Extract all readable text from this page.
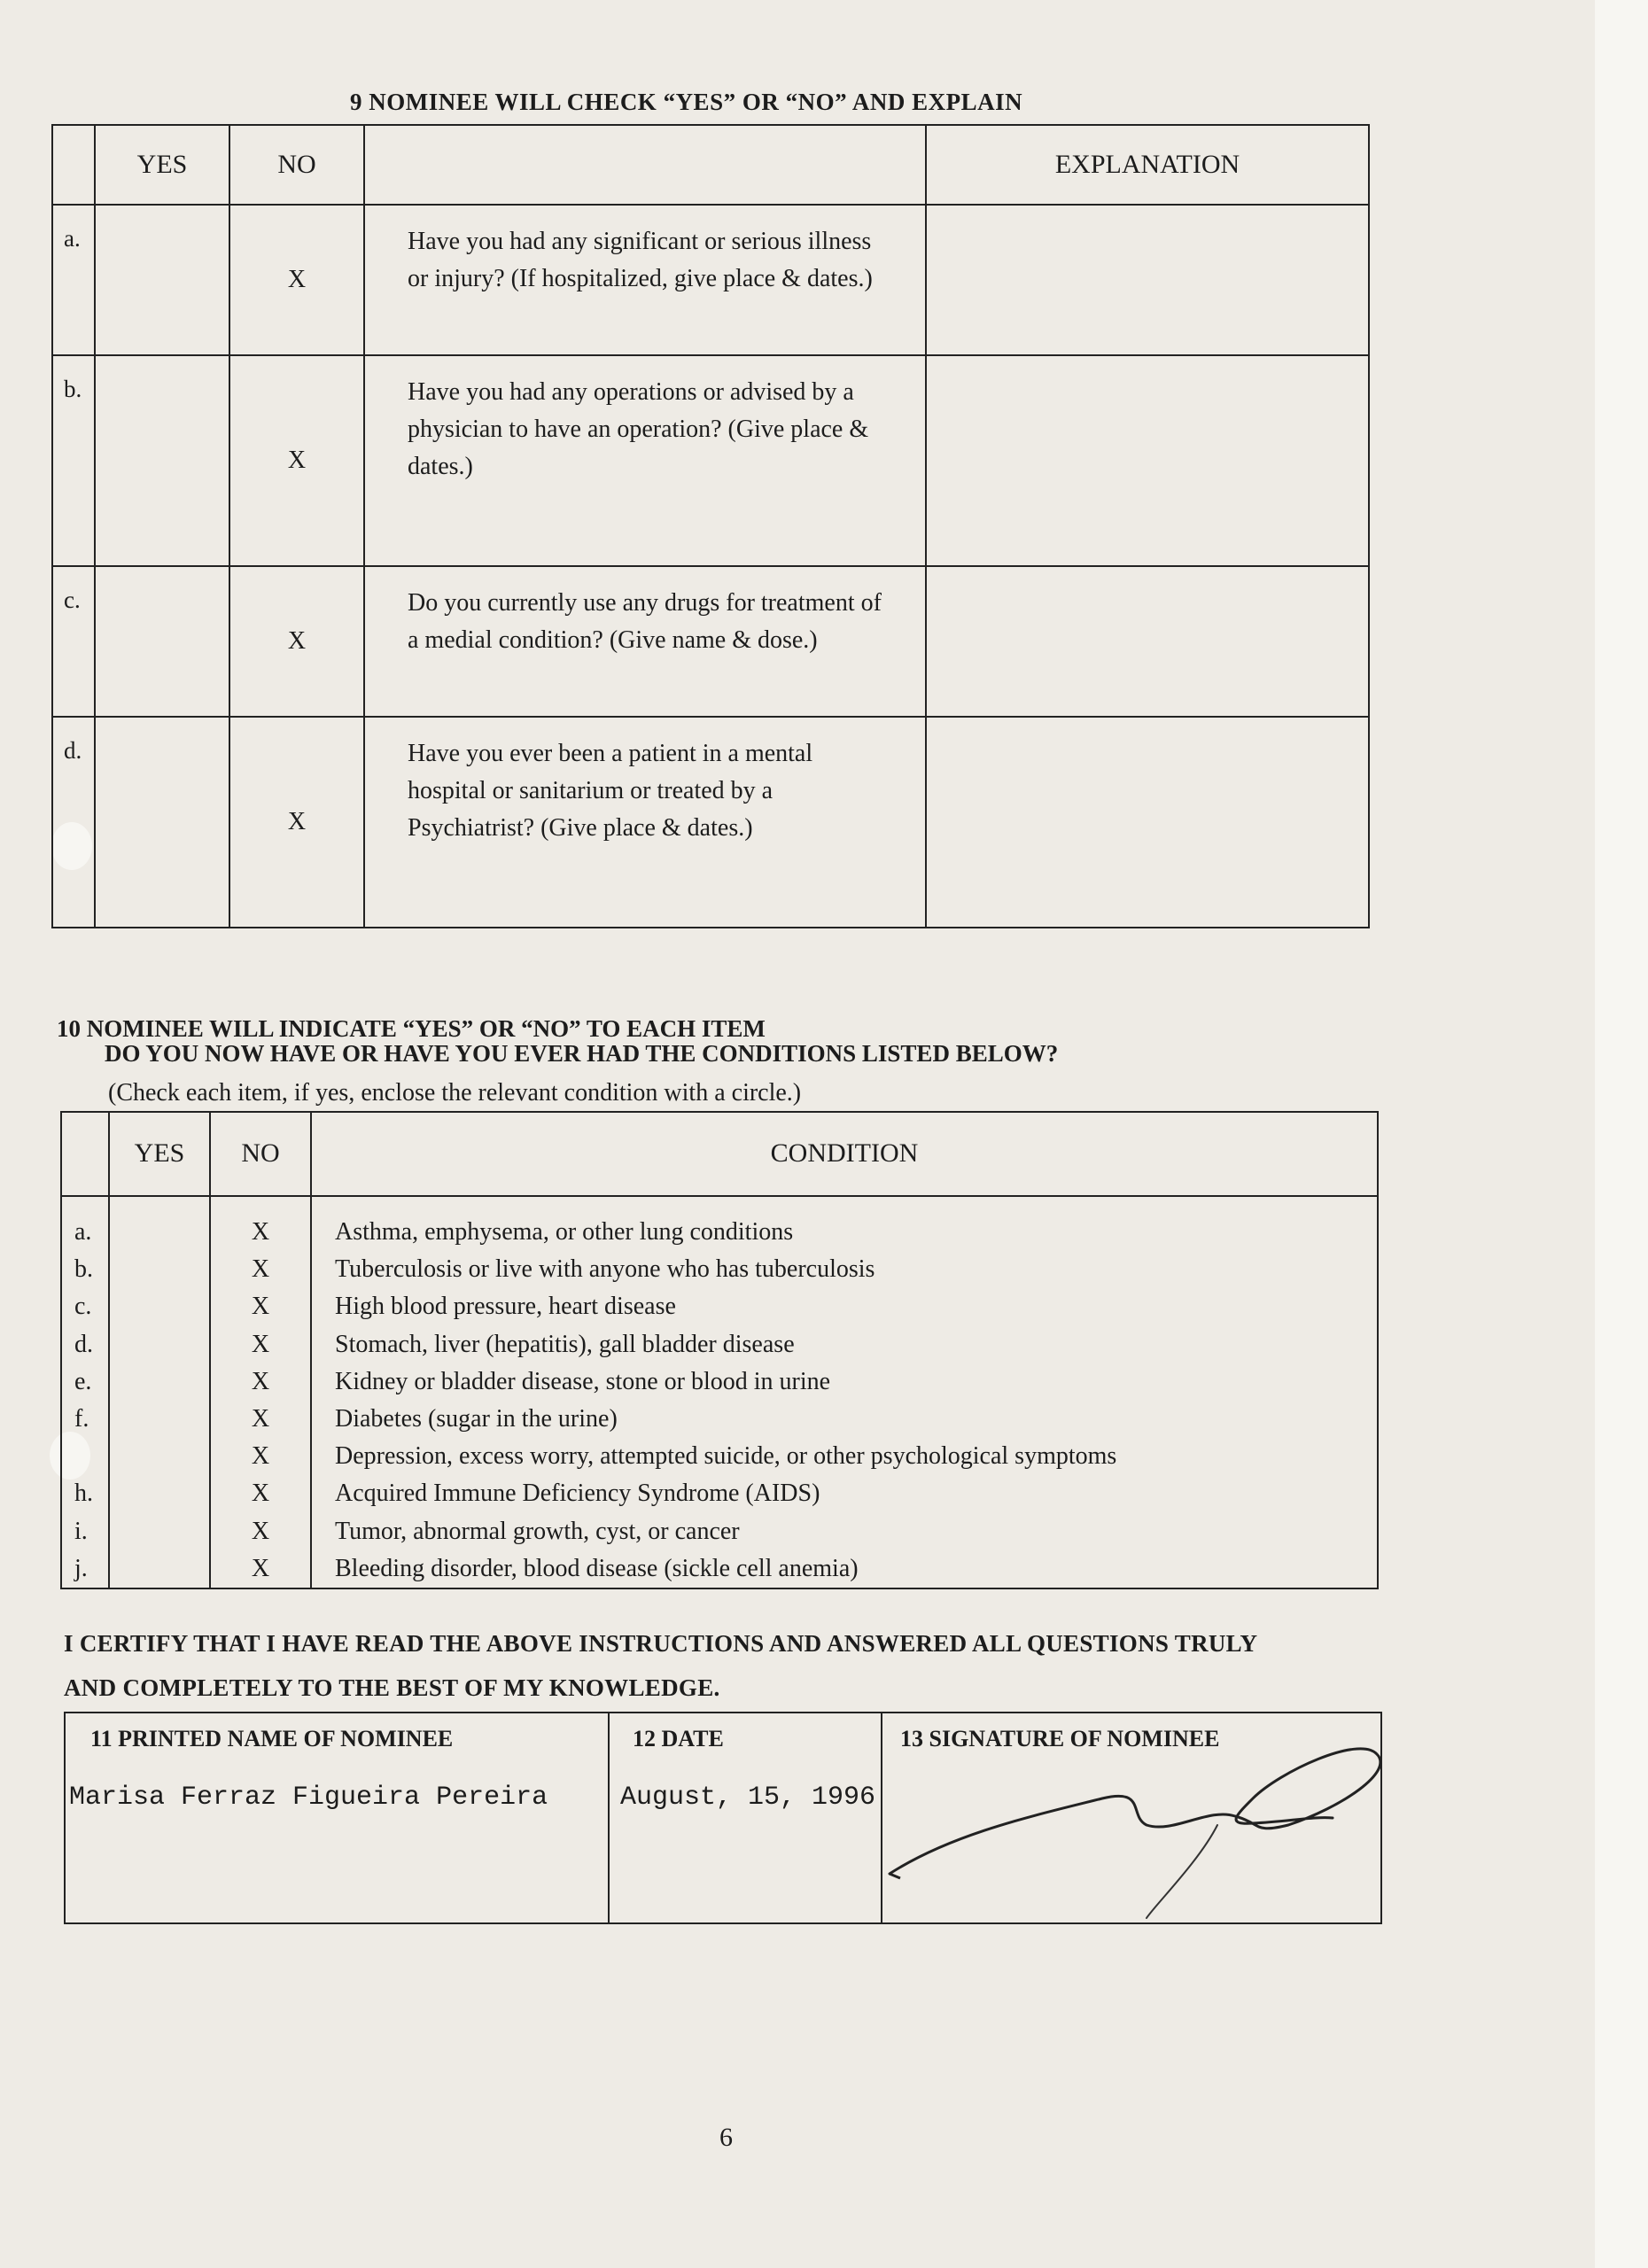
9 NOMINEE WILL CHECK “YES” OR “NO” AND EXPLAIN
	YES	NO		EXPLANATION
a.		X	Have you had any significant or serious illness or injury? (If hospitalized, give place & dates.)	
b.		X	Have you had any operations or advised by a physician to have an operation? (Give place & dates.)	
c.		X	Do you currently use any drugs for treatment of a medial condition? (Give name & dose.)	
d.		X	Have you ever been a patient in a mental hospital or sanitarium or treated by a Psychiatrist? (Give place & dates.)	
10 NOMINEE WILL INDICATE “YES” OR “NO” TO EACH ITEM
DO YOU NOW HAVE OR HAVE YOU EVER HAD THE CONDITIONS LISTED BELOW?
(Check each item, if yes, enclose the relevant condition with a circle.)
	YES	NO	CONDITION
a.		X	Asthma, emphysema, or other lung conditions
b.		X	Tuberculosis or live with anyone who has tuberculosis
c.		X	High blood pressure, heart disease
d.		X	Stomach, liver (hepatitis), gall bladder disease
e.		X	Kidney or bladder disease, stone or blood in urine
f.		X	Diabetes (sugar in the urine)
		X	Depression, excess worry, attempted suicide, or other psychological symptoms
h.		X	Acquired Immune Deficiency Syndrome (AIDS)
i.		X	Tumor, abnormal growth, cyst, or cancer
j.		X	Bleeding disorder, blood disease (sickle cell anemia)
I CERTIFY THAT I HAVE READ THE ABOVE INSTRUCTIONS AND ANSWERED ALL QUESTIONS TRULY
AND COMPLETELY TO THE BEST OF MY KNOWLEDGE.
11 PRINTED NAME OF NOMINEE
Marisa Ferraz Figueira Pereira
12 DATE
August, 15, 1996
13 SIGNATURE OF NOMINEE
6
